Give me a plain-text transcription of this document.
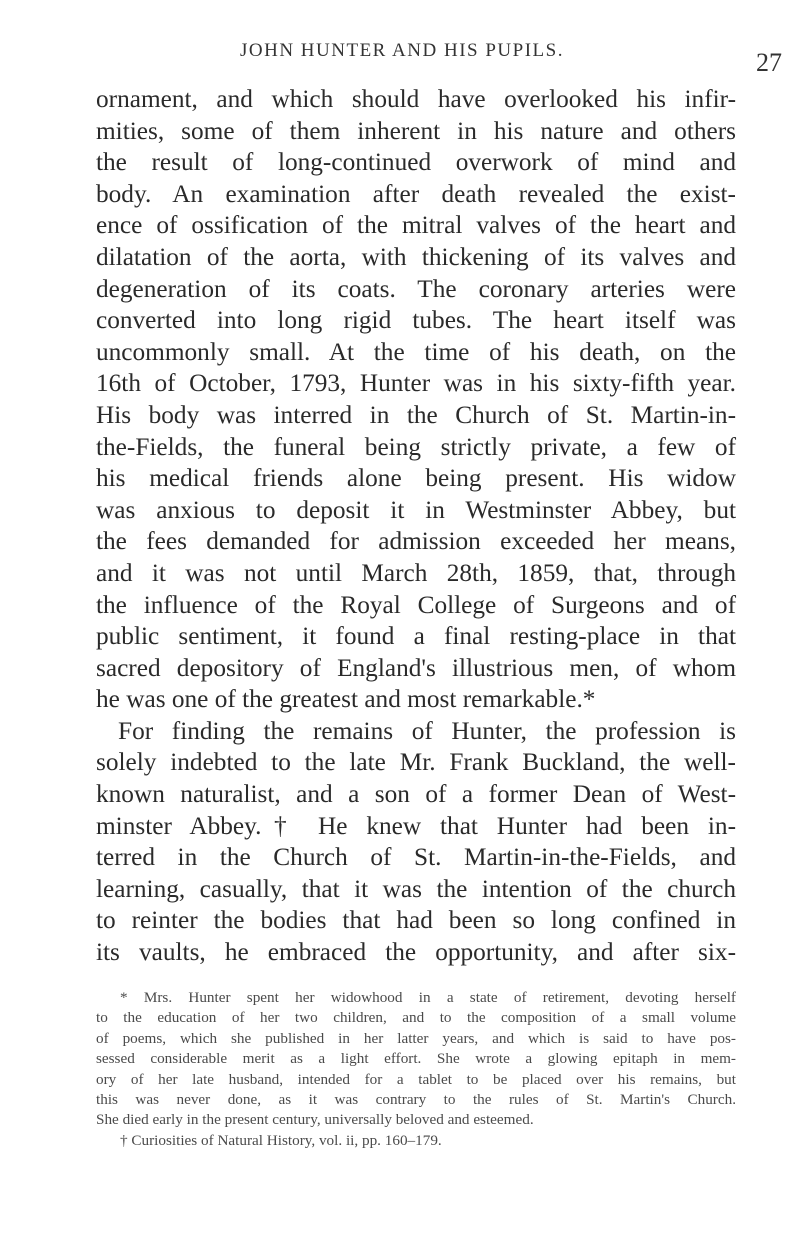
JOHN HUNTER AND HIS PUPILS.	27
ornament, and which should have overlooked his infir-
mities, some of them inherent in his nature and others
the result of long-continued overwork of mind and
body. An examination after death revealed the exist-
ence of ossification of the mitral valves of the heart and
dilatation of the aorta, with thickening of its valves and
degeneration of its coats. The coronary arteries were
converted into long rigid tubes. The heart itself was
uncommonly small. At the time of his death, on the
16th of October, 1793, Hunter was in his sixty-fifth year.
His body was interred in the Church of St. Martin-in-
the-Fields, the funeral being strictly private, a few of
his medical friends alone being present. His widow
was anxious to deposit it in Westminster Abbey, but
the fees demanded for admission exceeded her means,
and it was not until March 28th, 1859, that, through
the influence of the Royal College of Surgeons and of
public sentiment, it found a final resting-place in that
sacred depository of England's illustrious men, of whom
he was one of the greatest and most remarkable.*
For finding the remains of Hunter, the profession is
solely indebted to the late Mr. Frank Buckland, the well-
known naturalist, and a son of a former Dean of West-
minster Abbey.† He knew that Hunter had been in-
terred in the Church of St. Martin-in-the-Fields, and
learning, casually, that it was the intention of the church
to reinter the bodies that had been so long confined in
its vaults, he embraced the opportunity, and after six-
* Mrs. Hunter spent her widowhood in a state of retirement, devoting herself
to the education of her two children, and to the composition of a small volume
of poems, which she published in her latter years, and which is said to have pos-
sessed considerable merit as a light effort. She wrote a glowing epitaph in mem-
ory of her late husband, intended for a tablet to be placed over his remains, but
this was never done, as it was contrary to the rules of St. Martin's Church.
She died early in the present century, universally beloved and esteemed.
† Curiosities of Natural History, vol. ii, pp. 160–179.
